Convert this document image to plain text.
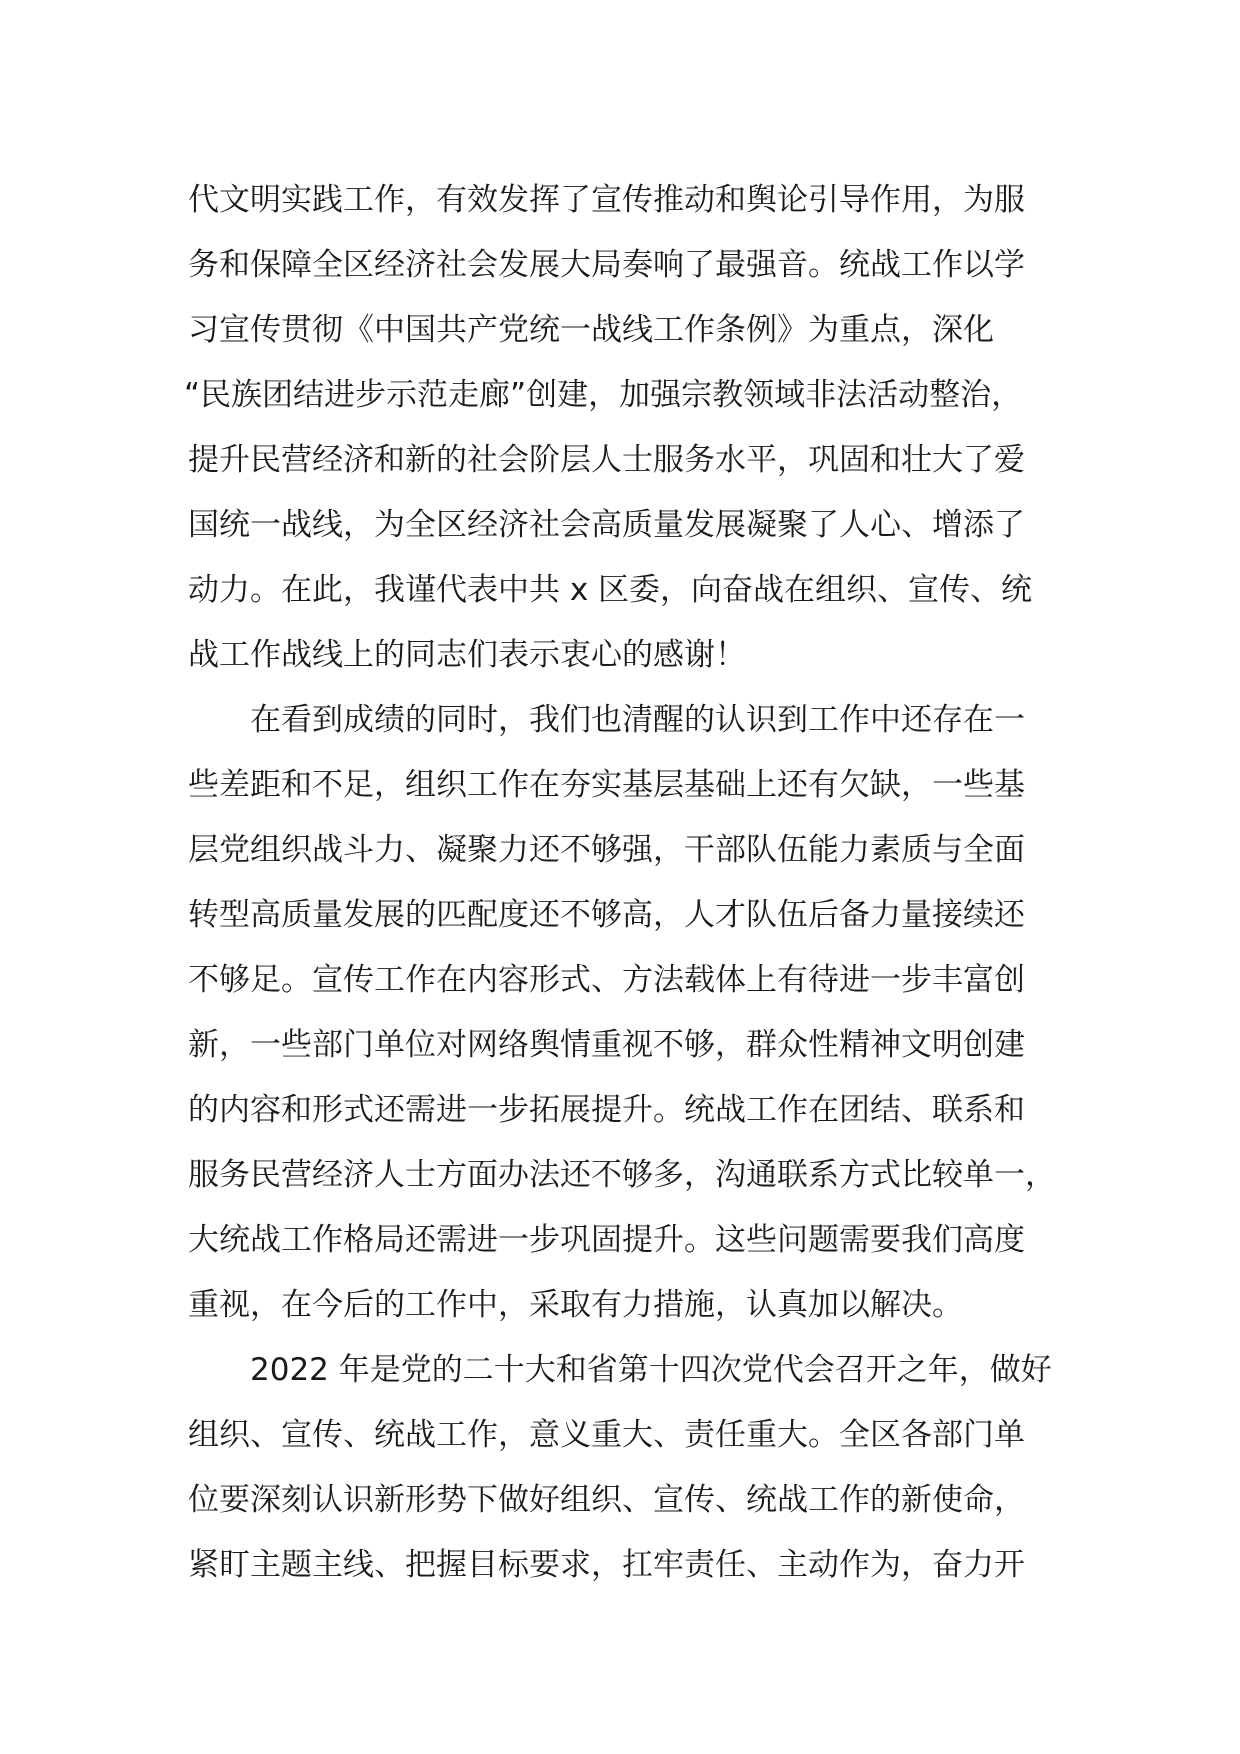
代文明实践工作，有效发挥了宣传推动和舆论引导作用，为服
务和保障全区经济社会发展大局奏响了最强音。统战工作以学
习宣传贯彻《中国共产党统一战线工作条例》为重点，深化
“民族团结进步示范走廊”创建，加强宗教领域非法活动整治，
提升民营经济和新的社会阶层人士服务水平，巩固和壮大了爱
国统一战线，为全区经济社会高质量发展凝聚了人心、增添了
动力。在此，我谨代表中共 x 区委，向奋战在组织、宣传、统
战工作战线上的同志们表示衷心的感谢！
在看到成绩的同时，我们也清醒的认识到工作中还存在一
些差距和不足，组织工作在夯实基层基础上还有欠缺，一些基
层党组织战斗力、凝聚力还不够强，干部队伍能力素质与全面
转型高质量发展的匹配度还不够高，人才队伍后备力量接续还
不够足。宣传工作在内容形式、方法载体上有待进一步丰富创
新，一些部门单位对网络舆情重视不够，群众性精神文明创建
的内容和形式还需进一步拓展提升。统战工作在团结、联系和
服务民营经济人士方面办法还不够多，沟通联系方式比较单一，
大统战工作格局还需进一步巩固提升。这些问题需要我们高度
重视，在今后的工作中，采取有力措施，认真加以解决。
2022 年是党的二十大和省第十四次党代会召开之年，做好
组织、宣传、统战工作，意义重大、责任重大。全区各部门单
位要深刻认识新形势下做好组织、宣传、统战工作的新使命，
紧盯主题主线、把握目标要求，扛牢责任、主动作为，奋力开
